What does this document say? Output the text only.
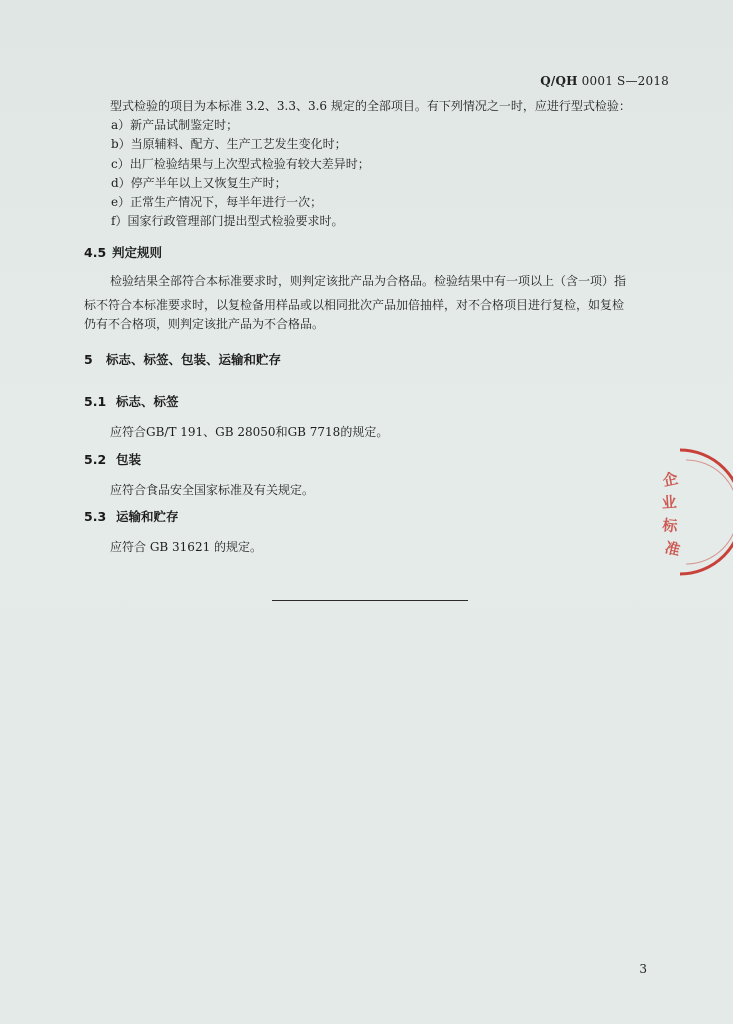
Q/QH 0001 S—2018
型式检验的项目为本标准 3.2、3.3、3.6 规定的全部项目。有下列情况之一时，应进行型式检验：
a）新产品试制鉴定时；
b）当原辅料、配方、生产工艺发生变化时；
c）出厂检验结果与上次型式检验有较大差异时；
d）停产半年以上又恢复生产时；
e）正常生产情况下，每半年进行一次；
f）国家行政管理部门提出型式检验要求时。
4.5 判定规则
检验结果全部符合本标准要求时，则判定该批产品为合格品。检验结果中有一项以上（含一项）指
标不符合本标准要求时，以复检备用样品或以相同批次产品加倍抽样，对不合格项目进行复检，如复检
仍有不合格项，则判定该批产品为不合格品。
5 标志、标签、包装、运输和贮存
5.1 标志、标签
应符合GB/T 191、GB 28050和GB 7718的规定。
5.2 包装
应符合食品安全国家标准及有关规定。
5.3 运输和贮存
应符合 GB 31621 的规定。
企
业
标
准
3
